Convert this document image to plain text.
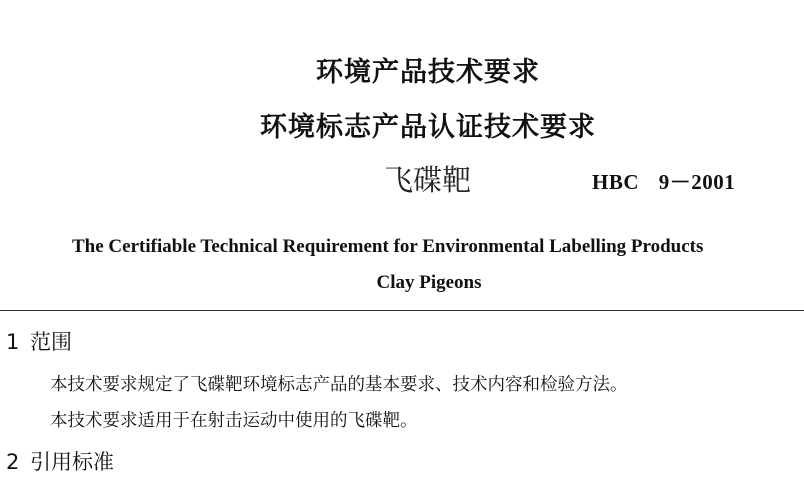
环境产品技术要求
环境标志产品认证技术要求
飞碟靶	HBC 9－2001
The Certifiable Technical Requirement for Environmental Labelling Products
Clay Pigeons
1 范围
本技术要求规定了飞碟靶环境标志产品的基本要求、技术内容和检验方法。
本技术要求适用于在射击运动中使用的飞碟靶。
2 引用标准
